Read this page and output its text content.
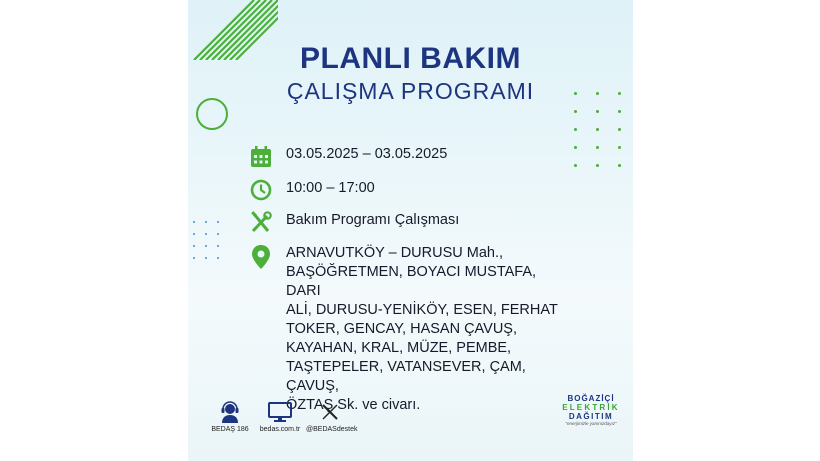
PLANLI BAKIM
ÇALIŞMA PROGRAMI
03.05.2025 – 03.05.2025
10:00 – 17:00
Bakım Programı Çalışması
ARNAVUTKÖY – DURUSU Mah.,
BAŞÖĞRETMEN, BOYACI MUSTAFA, DARI
ALİ, DURUSU-YENİKÖY, ESEN, FERHAT
TOKER, GENCAY, HASAN ÇAVUŞ,
KAYAHAN, KRAL, MÜZE, PEMBE,
TAŞTEPELER, VATANSEVER, ÇAM, ÇAVUŞ,
ÖZTAŞ Sk. ve civarı.
BEDAŞ 186	bedas.com.tr @BEDASdestek
BOĞAZİÇİ
ELEKTRİK
DAĞITIM
"enerjimizle yanınızdayız"
